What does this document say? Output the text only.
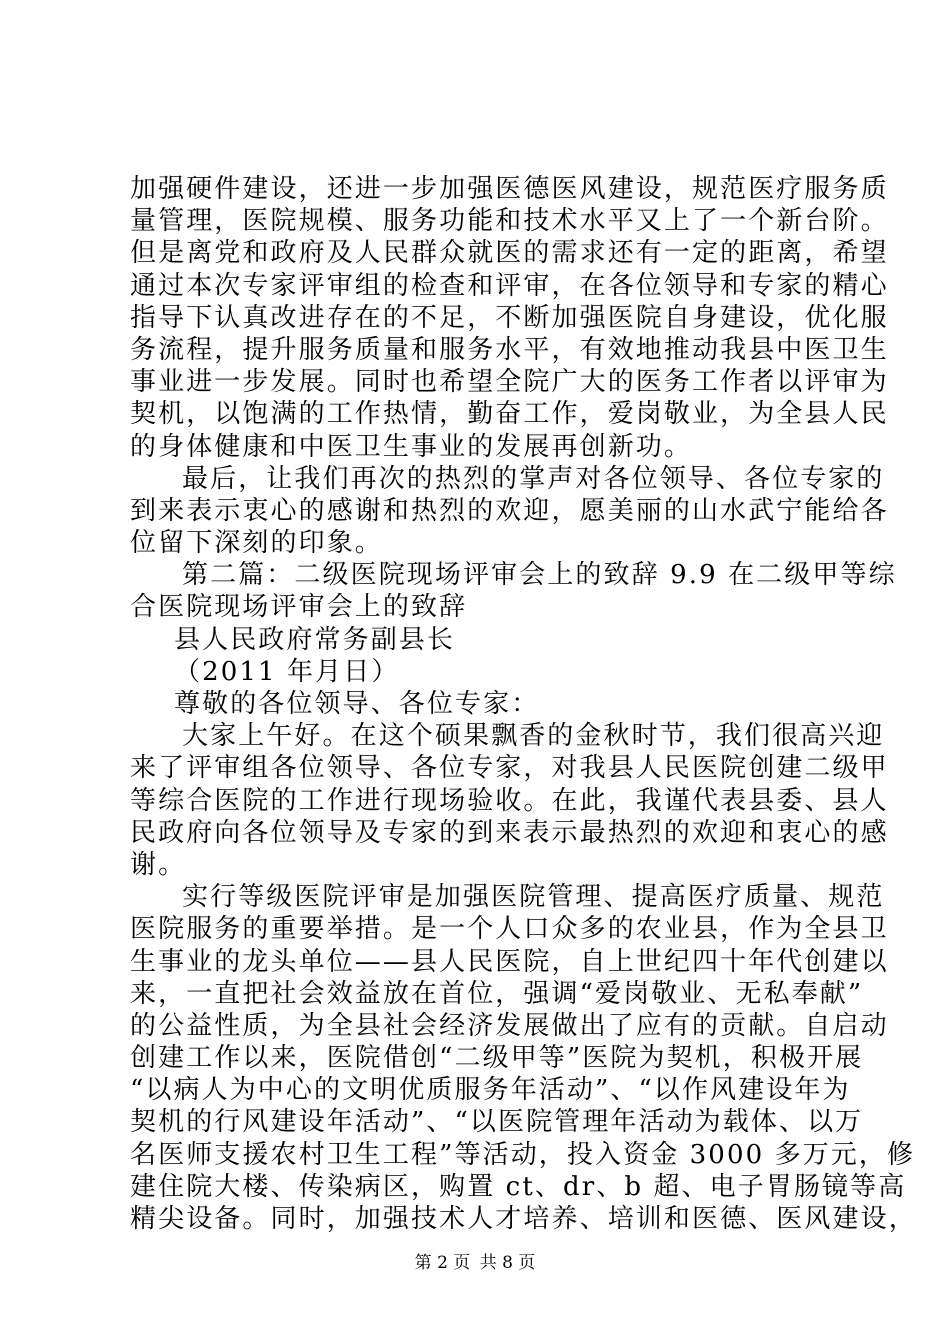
加强硬件建设，还进一步加强医德医风建设，规范医疗服务质
量管理，医院规模、服务功能和技术水平又上了一个新台阶。
但是离党和政府及人民群众就医的需求还有一定的距离，希望
通过本次专家评审组的检查和评审，在各位领导和专家的精心
指导下认真改进存在的不足，不断加强医院自身建设，优化服
务流程，提升服务质量和服务水平，有效地推动我县中医卫生
事业进一步发展。同时也希望全院广大的医务工作者以评审为
契机，以饱满的工作热情，勤奋工作，爱岗敬业，为全县人民
的身体健康和中医卫生事业的发展再创新功。
最后，让我们再次的热烈的掌声对各位领导、各位专家的
到来表示衷心的感谢和热烈的欢迎，愿美丽的山水武宁能给各
位留下深刻的印象。
第二篇：二级医院现场评审会上的致辞 9.9 在二级甲等综
合医院现场评审会上的致辞
县人民政府常务副县长
（2011 年月日）
尊敬的各位领导、各位专家：
大家上午好。在这个硕果飘香的金秋时节，我们很高兴迎
来了评审组各位领导、各位专家，对我县人民医院创建二级甲
等综合医院的工作进行现场验收。在此，我谨代表县委、县人
民政府向各位领导及专家的到来表示最热烈的欢迎和衷心的感
谢。
实行等级医院评审是加强医院管理、提高医疗质量、规范
医院服务的重要举措。是一个人口众多的农业县，作为全县卫
生事业的龙头单位——县人民医院，自上世纪四十年代创建以
来，一直把社会效益放在首位，强调“爱岗敬业、无私奉献”
的公益性质，为全县社会经济发展做出了应有的贡献。自启动
创建工作以来，医院借创“二级甲等”医院为契机，积极开展
“以病人为中心的文明优质服务年活动”、“以作风建设年为
契机的行风建设年活动”、“以医院管理年活动为载体、以万
名医师支援农村卫生工程”等活动，投入资金 3000 多万元，修
建住院大楼、传染病区，购置 ct、dr、b 超、电子胃肠镜等高
精尖设备。同时，加强技术人才培养、培训和医德、医风建设，
第 2 页 共 8 页
